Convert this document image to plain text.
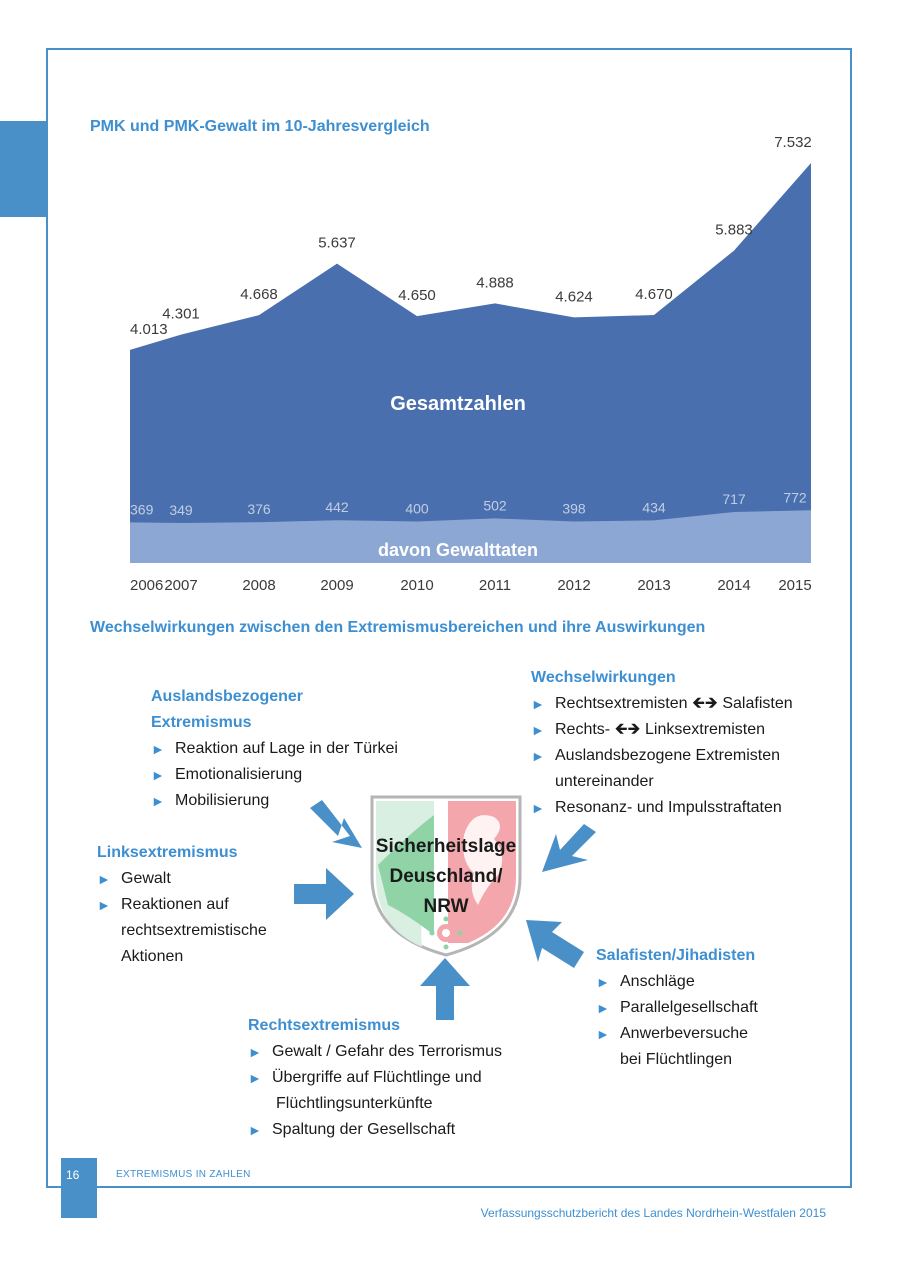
4.013
4.301
4.668
5.637
4.650
4.888
4.624	4.670
5.883
7.532
369 349	376	442	400	502	398	434
717	772
Gesamtzahlen
davon Gewalttaten
2006 2007	2008	2009	2010	2011	2012	2013	2014 2015
PMK und PMK-Gewalt im 10-Jahresvergleich
Wechselwirkungen zwischen den Extremismusbereichen und ihre Auswirkungen
Auslandsbezogener
Extremismus
► Reaktion auf Lage in der Türkei
► Emotionalisierung
► Mobilisierung
Wechselwirkungen
► Rechtsextremisten 🡸🡺 Salafisten
► Rechts- 🡸🡺 Linksextremisten
► Auslandsbezogene Extremisten
untereinander
► Resonanz- und Impulsstraftaten
Linksextremismus
► Gewalt
► Reaktionen auf
rechtsextremistische
Aktionen	Salafisten/Jihadisten
► Anschläge
► Parallelgesellschaft
► Anwerbeversuche
bei Flüchtlingen
Rechtsextremismus
► Gewalt / Gefahr des Terrorismus
► Übergriffe auf Flüchtlinge und
Flüchtlingsunterkünfte
► Spaltung der Gesellschaft
Sicherheitslage
Deuschland/
NRW
16	EXTREMISMUS IN ZAHLEN
Verfassungsschutzbericht des Landes Nordrhein-Westfalen 2015
